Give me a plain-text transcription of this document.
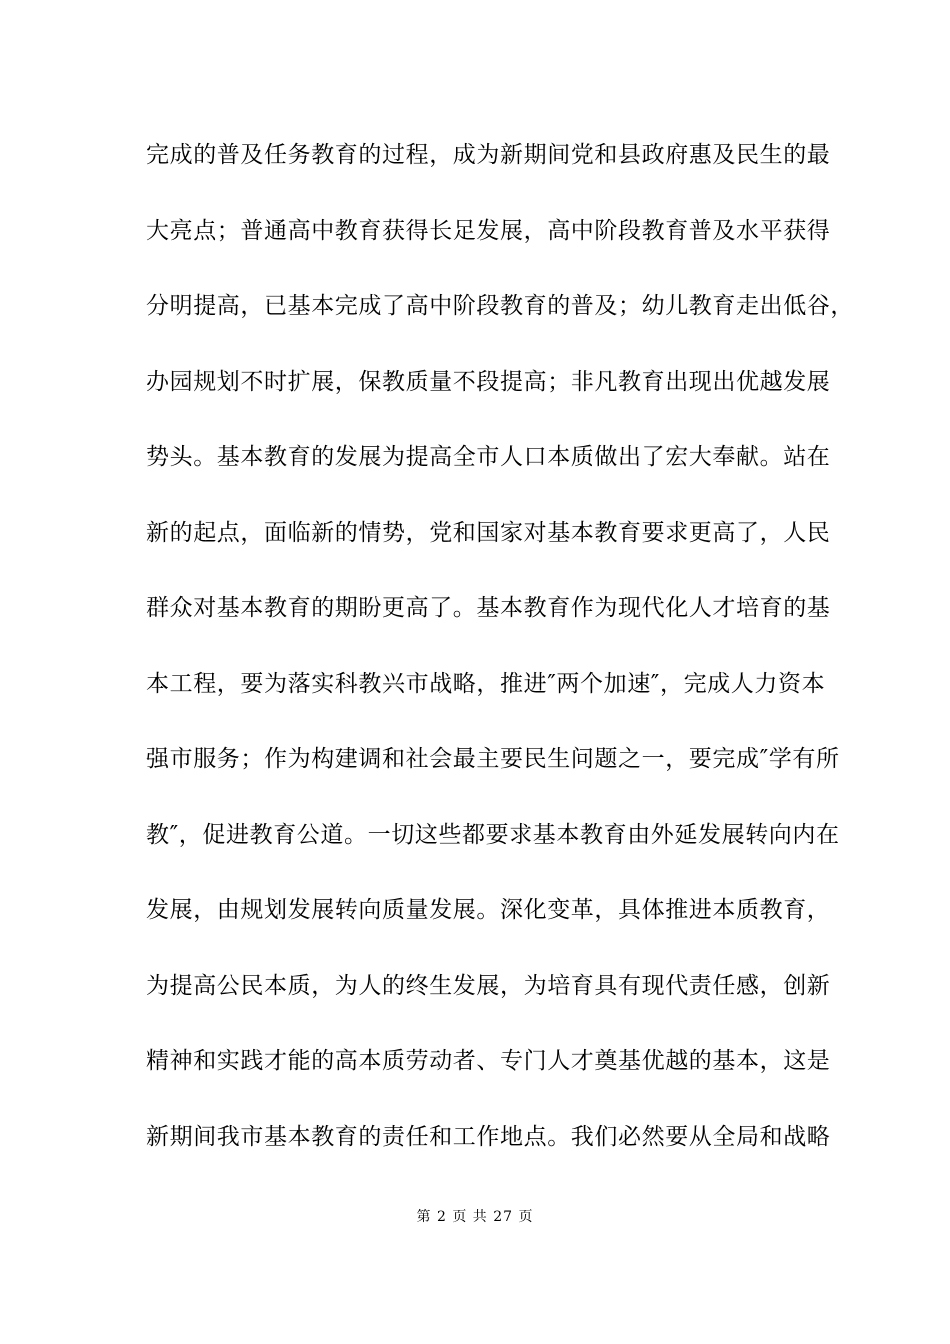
完成的普及任务教育的过程，成为新期间党和县政府惠及民生的最
大亮点；普通高中教育获得长足发展，高中阶段教育普及水平获得
分明提高，已基本完成了高中阶段教育的普及；幼儿教育走出低谷，
办园规划不时扩展，保教质量不段提高；非凡教育出现出优越发展
势头。基本教育的发展为提高全市人口本质做出了宏大奉献。站在
新的起点，面临新的情势，党和国家对基本教育要求更高了，人民
群众对基本教育的期盼更高了。基本教育作为现代化人才培育的基
本工程，要为落实科教兴市战略，推进″两个加速″，完成人力资本
强市服务；作为构建调和社会最主要民生问题之一，要完成″学有所
教″，促进教育公道。一切这些都要求基本教育由外延发展转向内在
发展，由规划发展转向质量发展。深化变革，具体推进本质教育，
为提高公民本质，为人的终生发展，为培育具有现代责任感，创新
精神和实践才能的高本质劳动者、专门人才奠基优越的基本，这是
新期间我市基本教育的责任和工作地点。我们必然要从全局和战略
第 2 页 共 27 页
